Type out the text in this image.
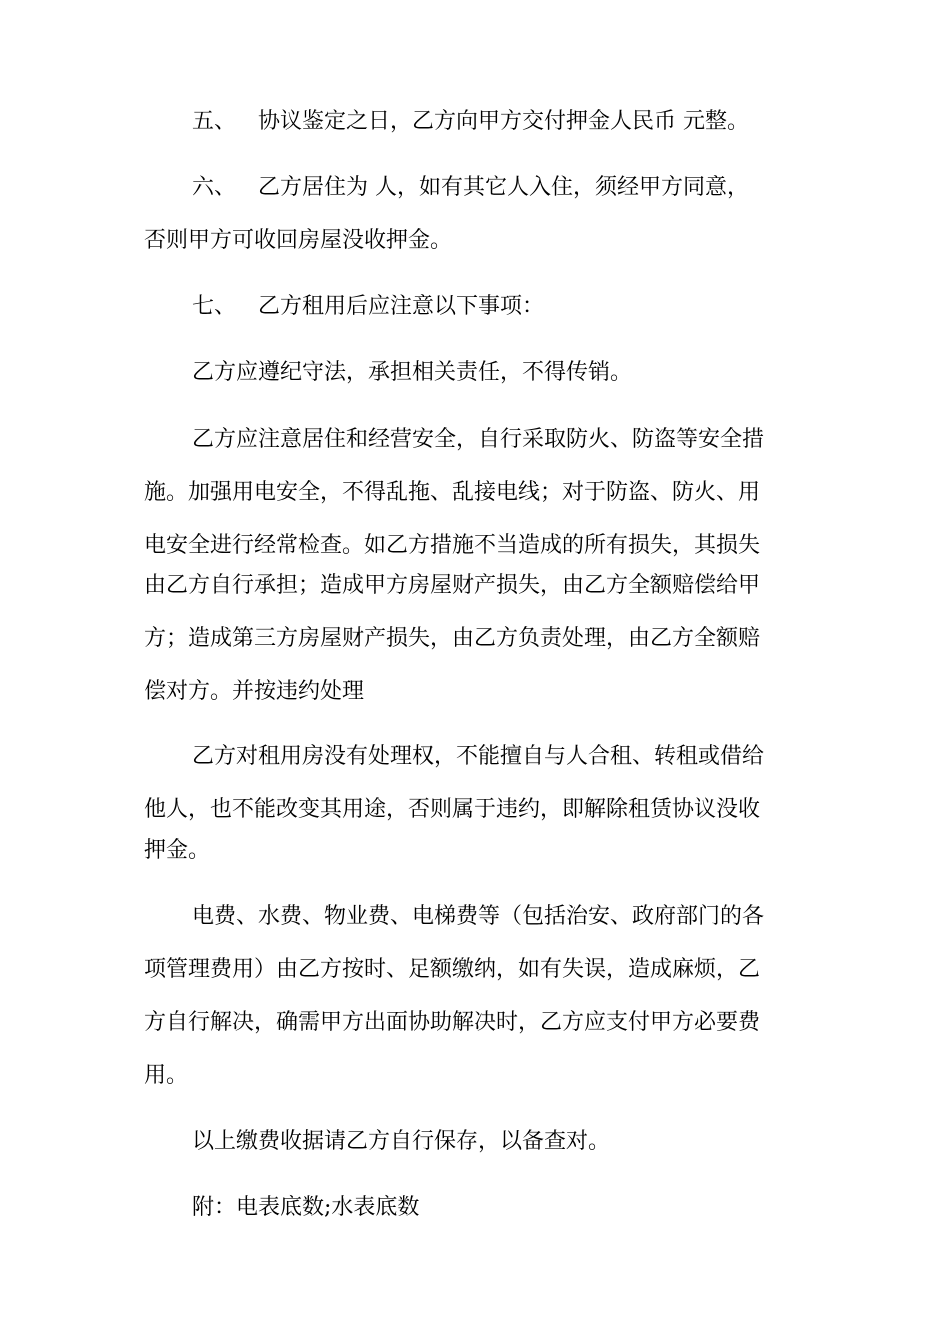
五、 协议鉴定之日，乙方向甲方交付押金人民币 元整。
六、 乙方居住为 人，如有其它人入住，须经甲方同意，
否则甲方可收回房屋没收押金。
七、 乙方租用后应注意以下事项：
乙方应遵纪守法，承担相关责任，不得传销。
乙方应注意居住和经营安全，自行采取防火、防盗等安全措
施。加强用电安全，不得乱拖、乱接电线；对于防盗、防火、用
电安全进行经常检查。如乙方措施不当造成的所有损失，其损失
由乙方自行承担；造成甲方房屋财产损失，由乙方全额赔偿给甲
方；造成第三方房屋财产损失，由乙方负责处理，由乙方全额赔
偿对方。并按违约处理
乙方对租用房没有处理权，不能擅自与人合租、转租或借给
他人，也不能改变其用途，否则属于违约，即解除租赁协议没收
押金。
电费、水费、物业费、电梯费等（包括治安、政府部门的各
项管理费用）由乙方按时、足额缴纳，如有失误，造成麻烦，乙
方自行解决，确需甲方出面协助解决时，乙方应支付甲方必要费
用。
以上缴费收据请乙方自行保存，以备查对。
附：电表底数;水表底数
